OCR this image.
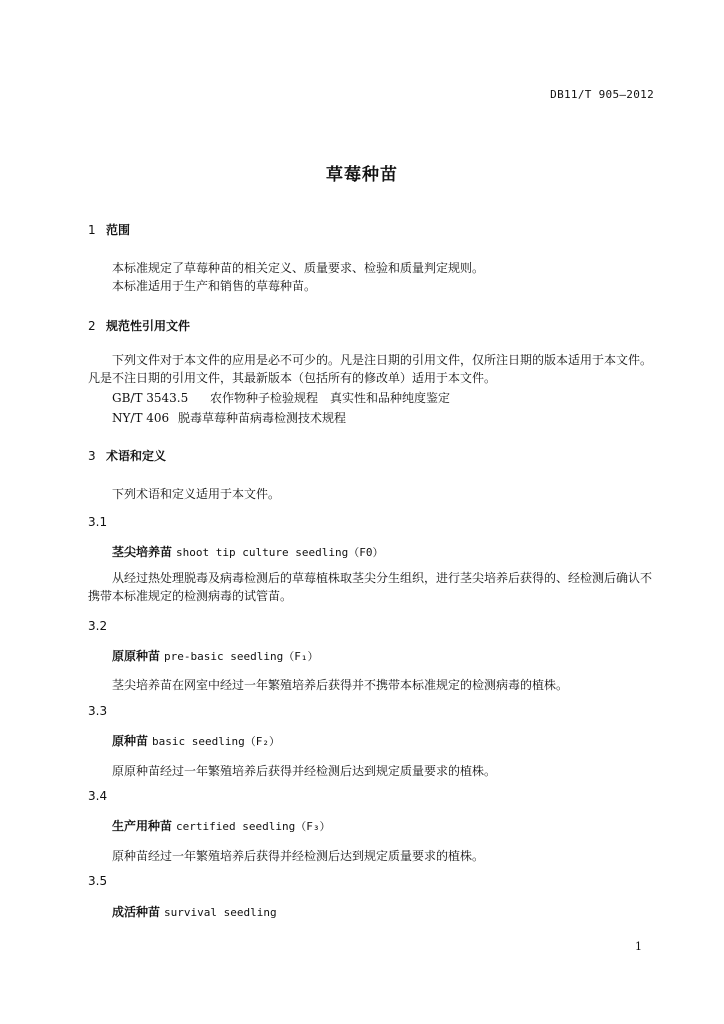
DB11/T 905—2012
草莓种苗
1 范围
本标准规定了草莓种苗的相关定义、质量要求、检验和质量判定规则。
本标准适用于生产和销售的草莓种苗。
2 规范性引用文件
下列文件对于本文件的应用是必不可少的。凡是注日期的引用文件，仅所注日期的版本适用于本文件。凡是不注日期的引用文件，其最新版本（包括所有的修改单）适用于本文件。
GB/T 3543.5 农作物种子检验规程　真实性和品种纯度鉴定
NY/T 406 脱毒草莓种苗病毒检测技术规程
3 术语和定义
下列术语和定义适用于本文件。
3.1
茎尖培养苗 shoot tip culture seedling（F0）
从经过热处理脱毒及病毒检测后的草莓植株取茎尖分生组织，进行茎尖培养后获得的、经检测后确认不携带本标准规定的检测病毒的试管苗。
3.2
原原种苗 pre-basic seedling（F₁）
茎尖培养苗在网室中经过一年繁殖培养后获得并不携带本标准规定的检测病毒的植株。
3.3
原种苗 basic seedling（F₂）
原原种苗经过一年繁殖培养后获得并经检测后达到规定质量要求的植株。
3.4
生产用种苗 certified seedling（F₃）
原种苗经过一年繁殖培养后获得并经检测后达到规定质量要求的植株。
3.5
成活种苗 survival seedling
1
